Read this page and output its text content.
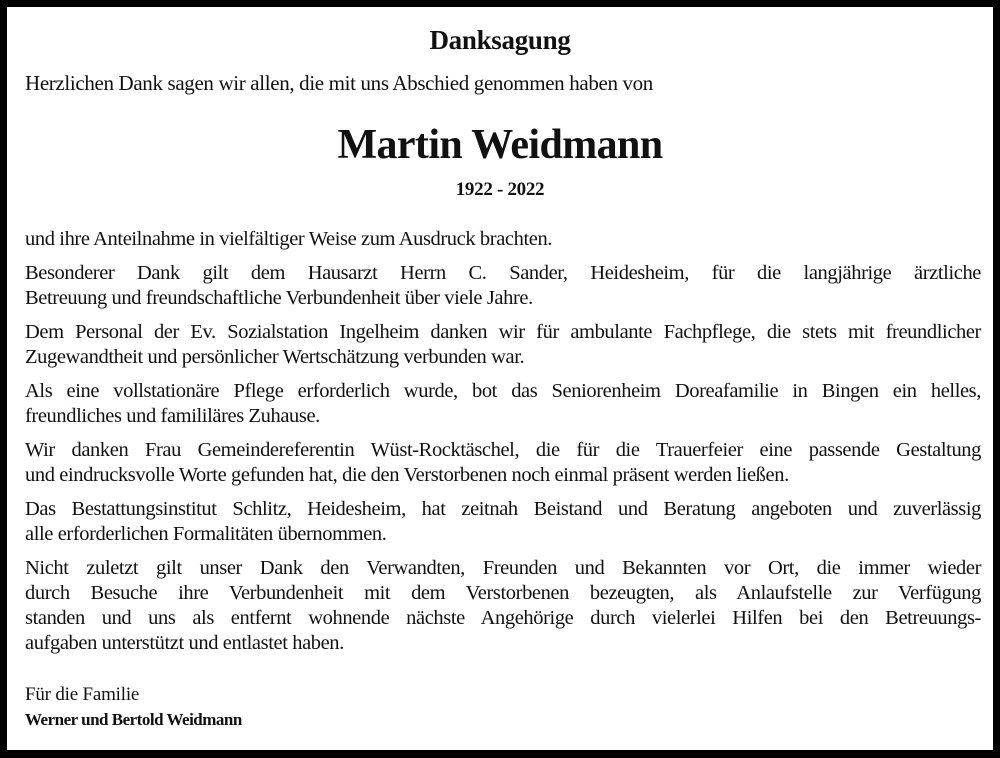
Danksagung

Herzlichen Dank sagen wir allen, die mit uns Abschied genommen haben von

Martin Weidmann

1922 - 2022

und ihre Anteilnahme in vielfältiger Weise zum Ausdruck brachten.

Besonderer Dank gilt dem Hausarzt Herrn C. Sander, Heidesheim, für die langjährige ärztliche

Betreuung und freundschaftliche Verbundenheit über viele Jahre.

Dem Personal der Ev. Sozialstation Ingelheim danken wir für ambulante Fachpflege, die stets mit freundlicher

Zugewandtheit und persönlicher Wertschätzung verbunden war.

Als eine vollstationäre Pflege erforderlich wurde, bot das Seniorenheim Doreafamilie in Bingen ein helles,

freundliches und famililäres Zuhause.

Wir danken Frau Gemeindereferentin Wüst-Rocktäschel, die für die Trauerfeier eine passende Gestaltung

und eindrucksvolle Worte gefunden hat, die den Verstorbenen noch einmal präsent werden ließen.

Das Bestattungsinstitut Schlitz, Heidesheim, hat zeitnah Beistand und Beratung angeboten und zuverlässig

alle erforderlichen Formalitäten übernommen.

Nicht zuletzt gilt unser Dank den Verwandten, Freunden und Bekannten vor Ort, die immer wieder

durch Besuche ihre Verbundenheit mit dem Verstorbenen bezeugten, als Anlaufstelle zur Verfügung

standen und uns als entfernt wohnende nächste Angehörige durch vielerlei Hilfen bei den Betreuungs-

aufgaben unterstützt und entlastet haben.

Für die Familie

Werner und Bertold Weidmann
